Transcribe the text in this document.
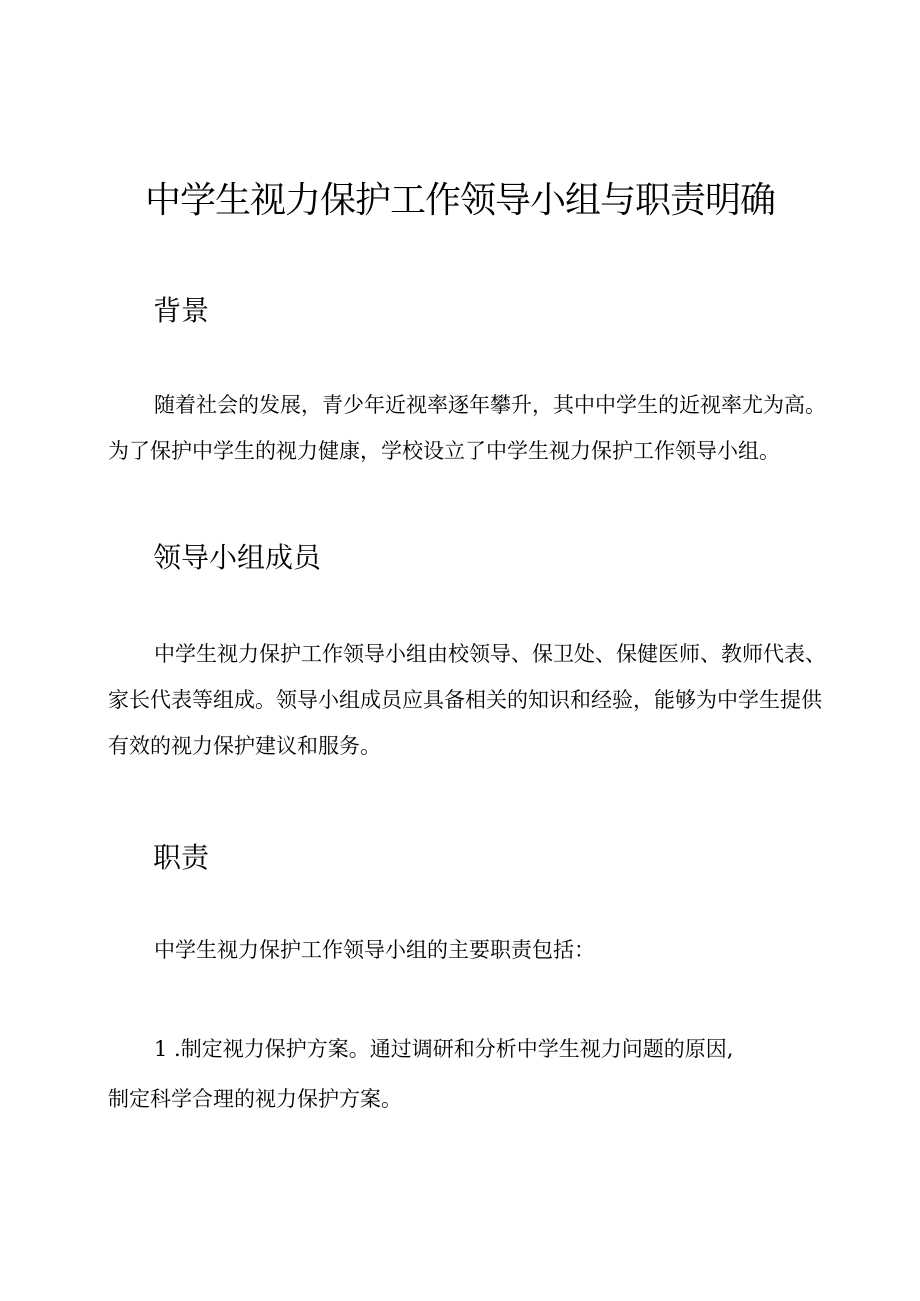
中学生视力保护工作领导小组与职责明确
背景

随着社会的发展，青少年近视率逐年攀升，其中中学生的近视率尤为高。为了保护中学生的视力健康，学校设立了中学生视力保护工作领导小组。

领导小组成员

中学生视力保护工作领导小组由校领导、保卫处、保健医师、教师代表、家长代表等组成。领导小组成员应具备相关的知识和经验，能够为中学生提供有效的视力保护建议和服务。

职责

中学生视力保护工作领导小组的主要职责包括：

1 .制定视力保护方案。通过调研和分析中学生视力问题的原因,

制定科学合理的视力保护方案。
